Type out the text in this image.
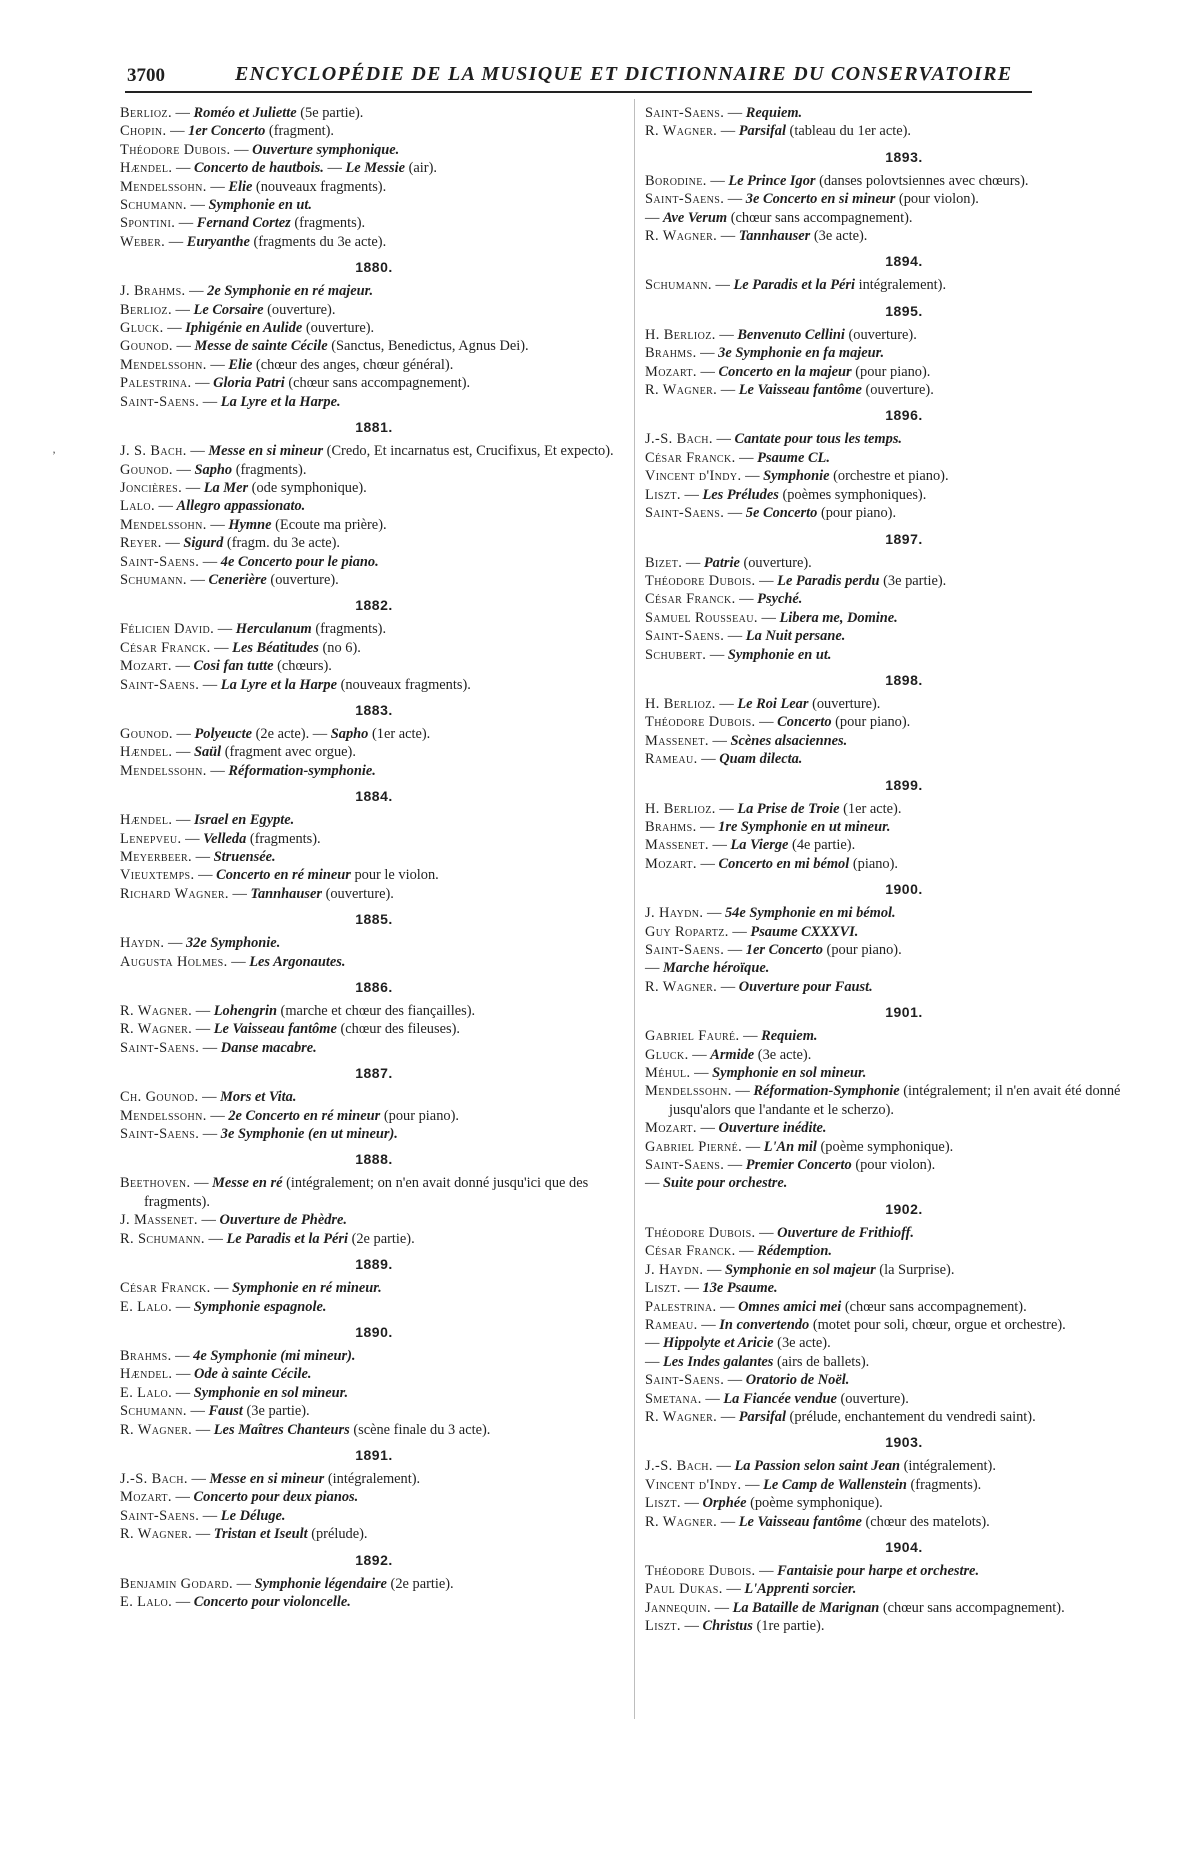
3700	ENCYCLOPÉDIE DE LA MUSIQUE ET DICTIONNAIRE DU CONSERVATOIRE
’
Berlioz. — Roméo et Juliette (5e partie).
Chopin. — 1er Concerto (fragment).
Théodore Dubois. — Ouverture symphonique.
Hændel. — Concerto de hautbois. — Le Messie (air).
Mendelssohn. — Elie (nouveaux fragments).
Schumann. — Symphonie en ut.
Spontini. — Fernand Cortez (fragments).
Weber. — Euryanthe (fragments du 3e acte).
1880.
J. Brahms. — 2e Symphonie en ré majeur.
Berlioz. — Le Corsaire (ouverture).
Gluck. — Iphigénie en Aulide (ouverture).
Gounod. — Messe de sainte Cécile (Sanctus, Benedictus, Agnus Dei).
Mendelssohn. — Elie (chœur des anges, chœur général).
Palestrina. — Gloria Patri (chœur sans accompagnement).
Saint-Saens. — La Lyre et la Harpe.
1881.
J. S. Bach. — Messe en si mineur (Credo, Et incarnatus est, Crucifixus, Et expecto).
Gounod. — Sapho (fragments).
Joncières. — La Mer (ode symphonique).
Lalo. — Allegro appassionato.
Mendelssohn. — Hymne (Ecoute ma prière).
Reyer. — Sigurd (fragm. du 3e acte).
Saint-Saens. — 4e Concerto pour le piano.
Schumann. — Cenerière (ouverture).
1882.
Félicien David. — Herculanum (fragments).
César Franck. — Les Béatitudes (no 6).
Mozart. — Cosi fan tutte (chœurs).
Saint-Saens. — La Lyre et la Harpe (nouveaux fragments).
1883.
Gounod. — Polyeucte (2e acte). — Sapho (1er acte).
Hændel. — Saül (fragment avec orgue).
Mendelssohn. — Réformation-symphonie.
1884.
Hændel. — Israel en Egypte.
Lenepveu. — Velleda (fragments).
Meyerbeer. — Struensée.
Vieuxtemps. — Concerto en ré mineur pour le violon.
Richard Wagner. — Tannhauser (ouverture).
1885.
Haydn. — 32e Symphonie.
Augusta Holmes. — Les Argonautes.
1886.
R. Wagner. — Lohengrin (marche et chœur des fiançailles).
R. Wagner. — Le Vaisseau fantôme (chœur des fileuses).
Saint-Saens. — Danse macabre.
1887.
Ch. Gounod. — Mors et Vita.
Mendelssohn. — 2e Concerto en ré mineur (pour piano).
Saint-Saens. — 3e Symphonie (en ut mineur).
1888.
Beethoven. — Messe en ré (intégralement; on n'en avait donné jusqu'ici que des fragments).
J. Massenet. — Ouverture de Phèdre.
R. Schumann. — Le Paradis et la Péri (2e partie).
1889.
César Franck. — Symphonie en ré mineur.
E. Lalo. — Symphonie espagnole.
1890.
Brahms. — 4e Symphonie (mi mineur).
Hændel. — Ode à sainte Cécile.
E. Lalo. — Symphonie en sol mineur.
Schumann. — Faust (3e partie).
R. Wagner. — Les Maîtres Chanteurs (scène finale du 3 acte).
1891.
J.-S. Bach. — Messe en si mineur (intégralement).
Mozart. — Concerto pour deux pianos.
Saint-Saens. — Le Déluge.
R. Wagner. — Tristan et Iseult (prélude).
1892.
Benjamin Godard. — Symphonie légendaire (2e partie).
E. Lalo. — Concerto pour violoncelle.
Saint-Saens. — Requiem.
R. Wagner. — Parsifal (tableau du 1er acte).
1893.
Borodine. — Le Prince Igor (danses polovtsiennes avec chœurs).
Saint-Saens. — 3e Concerto en si mineur (pour violon).
— Ave Verum (chœur sans accompagnement).
R. Wagner. — Tannhauser (3e acte).
1894.
Schumann. — Le Paradis et la Péri intégralement).
1895.
H. Berlioz. — Benvenuto Cellini (ouverture).
Brahms. — 3e Symphonie en fa majeur.
Mozart. — Concerto en la majeur (pour piano).
R. Wagner. — Le Vaisseau fantôme (ouverture).
1896.
J.-S. Bach. — Cantate pour tous les temps.
César Franck. — Psaume CL.
Vincent d'Indy. — Symphonie (orchestre et piano).
Liszt. — Les Préludes (poèmes symphoniques).
Saint-Saens. — 5e Concerto (pour piano).
1897.
Bizet. — Patrie (ouverture).
Théodore Dubois. — Le Paradis perdu (3e partie).
César Franck. — Psyché.
Samuel Rousseau. — Libera me, Domine.
Saint-Saens. — La Nuit persane.
Schubert. — Symphonie en ut.
1898.
H. Berlioz. — Le Roi Lear (ouverture).
Théodore Dubois. — Concerto (pour piano).
Massenet. — Scènes alsaciennes.
Rameau. — Quam dilecta.
1899.
H. Berlioz. — La Prise de Troie (1er acte).
Brahms. — 1re Symphonie en ut mineur.
Massenet. — La Vierge (4e partie).
Mozart. — Concerto en mi bémol (piano).
1900.
J. Haydn. — 54e Symphonie en mi bémol.
Guy Ropartz. — Psaume CXXXVI.
Saint-Saens. — 1er Concerto (pour piano).
— Marche héroïque.
R. Wagner. — Ouverture pour Faust.
1901.
Gabriel Fauré. — Requiem.
Gluck. — Armide (3e acte).
Méhul. — Symphonie en sol mineur.
Mendelssohn. — Réformation-Symphonie (intégralement; il n'en avait été donné jusqu'alors que l'andante et le scherzo).
Mozart. — Ouverture inédite.
Gabriel Pierné. — L'An mil (poème symphonique).
Saint-Saens. — Premier Concerto (pour violon).
— Suite pour orchestre.
1902.
Théodore Dubois. — Ouverture de Frithioff.
César Franck. — Rédemption.
J. Haydn. — Symphonie en sol majeur (la Surprise).
Liszt. — 13e Psaume.
Palestrina. — Omnes amici mei (chœur sans accompagnement).
Rameau. — In convertendo (motet pour soli, chœur, orgue et orchestre).
— Hippolyte et Aricie (3e acte).
— Les Indes galantes (airs de ballets).
Saint-Saens. — Oratorio de Noël.
Smetana. — La Fiancée vendue (ouverture).
R. Wagner. — Parsifal (prélude, enchantement du vendredi saint).
1903.
J.-S. Bach. — La Passion selon saint Jean (intégralement).
Vincent d'Indy. — Le Camp de Wallenstein (fragments).
Liszt. — Orphée (poème symphonique).
R. Wagner. — Le Vaisseau fantôme (chœur des matelots).
1904.
Théodore Dubois. — Fantaisie pour harpe et orchestre.
Paul Dukas. — L'Apprenti sorcier.
Jannequin. — La Bataille de Marignan (chœur sans accompagnement).
Liszt. — Christus (1re partie).
